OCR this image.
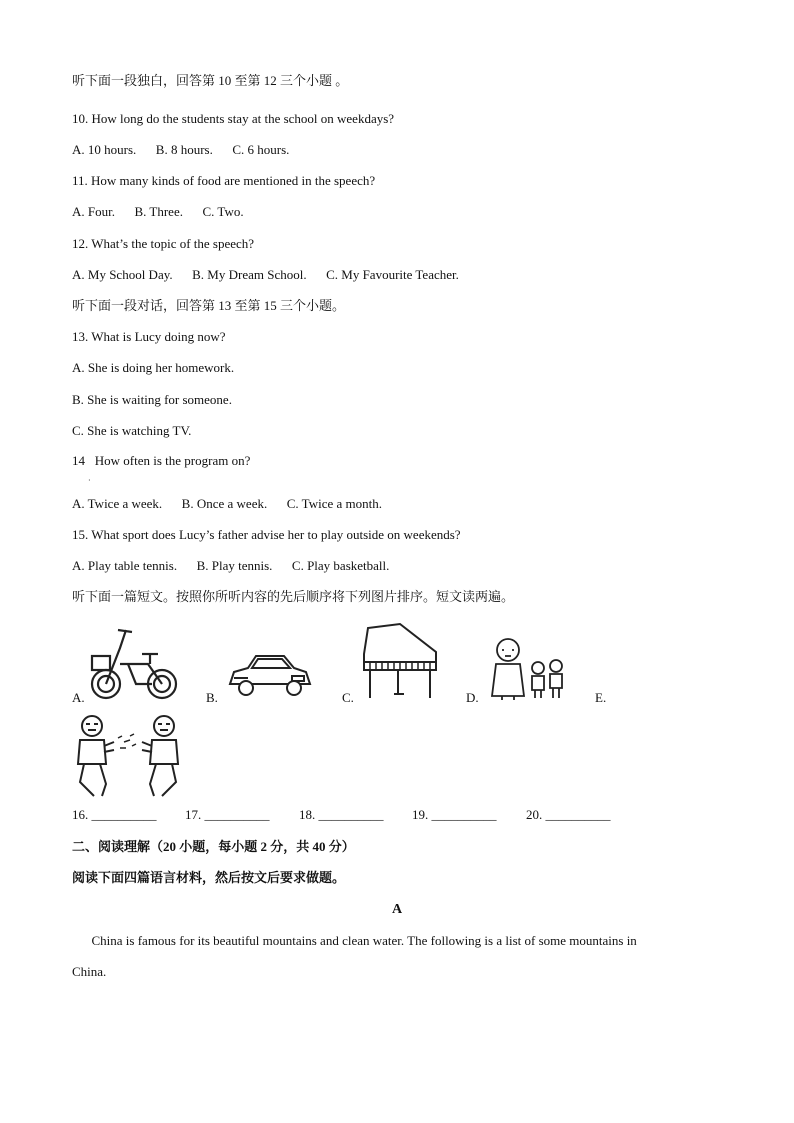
听下面一段独白，回答第 10 至第 12 三个小题 。
10. How long do the students stay at the school on weekdays?
A. 10 hours.      B. 8 hours.      C. 6 hours.
11. How many kinds of food are mentioned in the speech?
A. Four.      B. Three.      C. Two.
12. What’s the topic of the speech?
A. My School Day.      B. My Dream School.      C. My Favourite Teacher.
听下面一段对话，回答第 13 至第 15 三个小题。
13. What is Lucy doing now?
A. She is doing her homework.
B. She is waiting for someone.
C. She is watching TV.
14   How often is the program on?
·
A. Twice a week.      B. Once a week.      C. Twice a month.
15. What sport does Lucy’s father advise her to play outside on weekends?
A. Play table tennis.      B. Play tennis.      C. Play basketball.
听下面一篇短文。按照你所听内容的先后顺序将下列图片排序。短文读两遍。
A.	B.	C.	D.	E.
16. __________ 17. __________ 18. __________ 19. __________ 20. __________
二、阅读理解（20 小题，每小题 2 分，共 40 分）
阅读下面四篇语言材料，然后按文后要求做题。
A
China is famous for its beautiful mountains and clean water. The following is a list of some mountains in
China.
